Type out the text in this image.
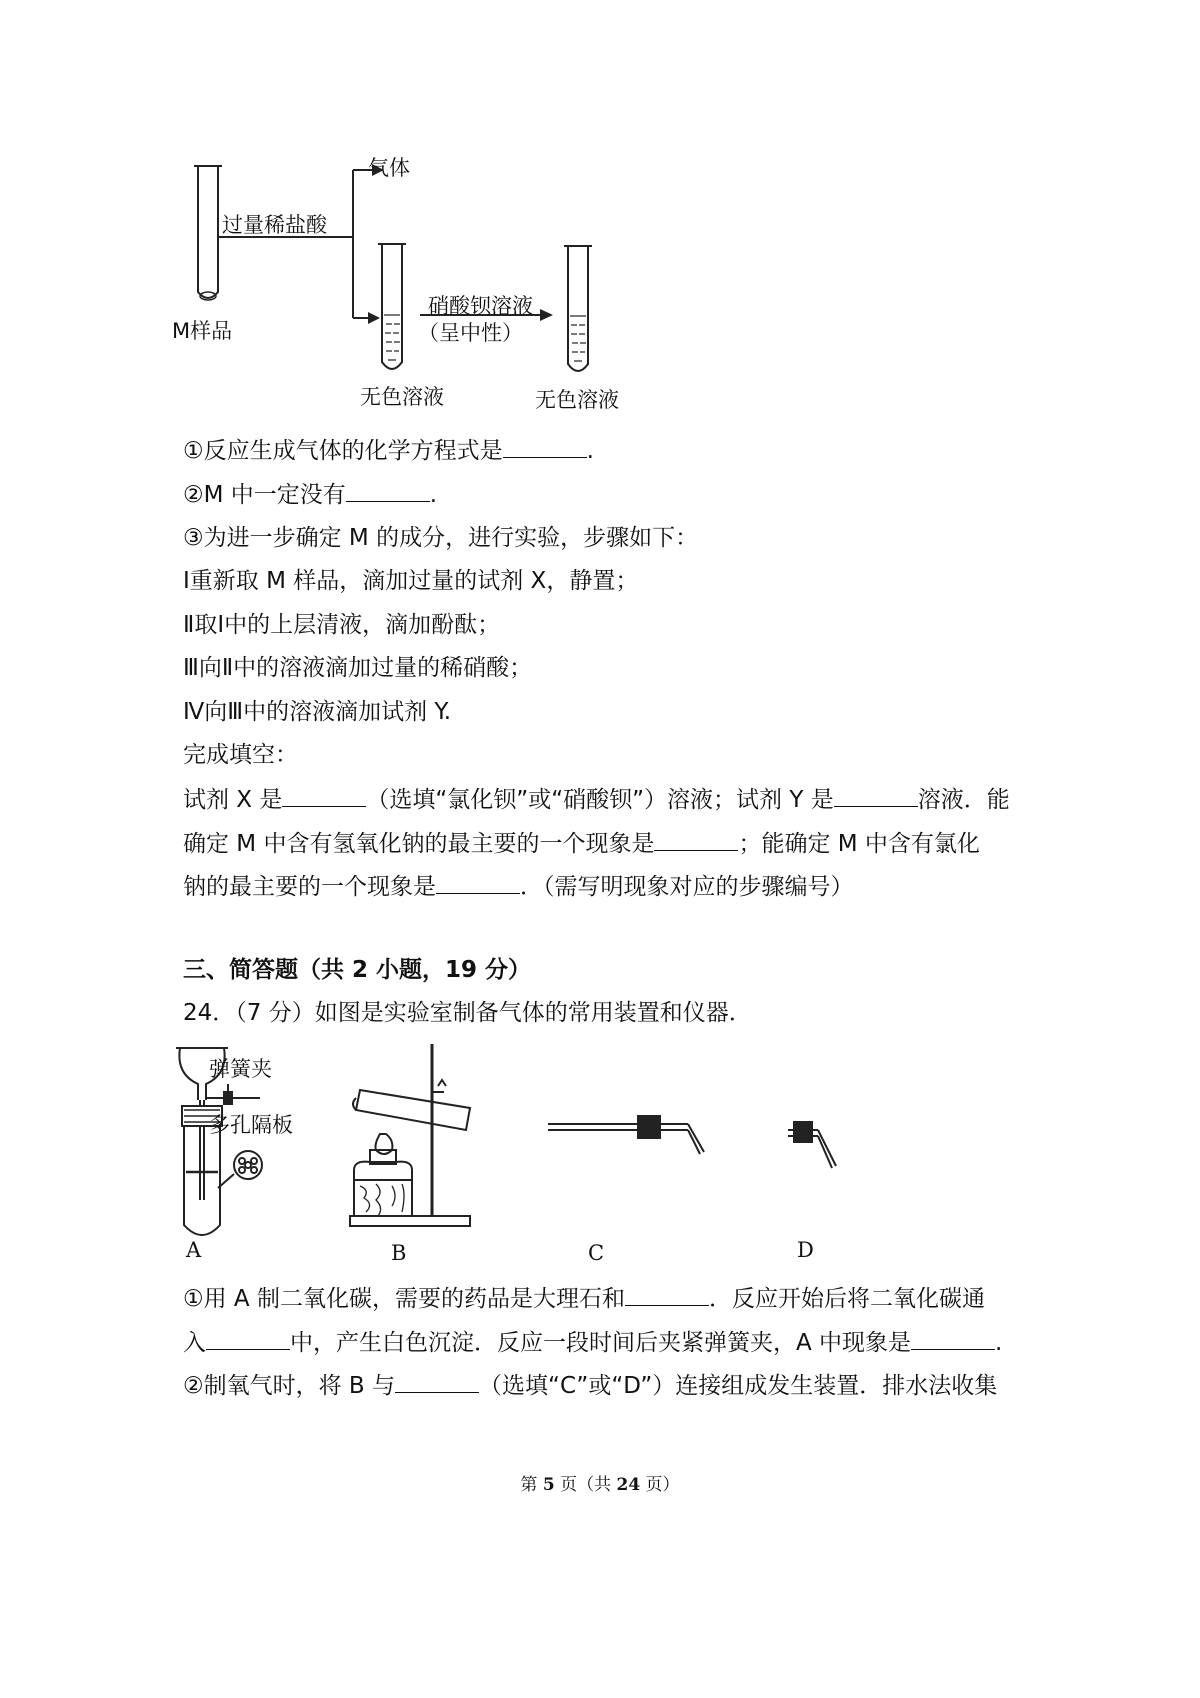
气体
过量稀盐酸
M样品
硝酸钡溶液
（呈中性）
无色溶液	无色溶液
①反应生成气体的化学方程式是	.
②M 中一定没有	.
③为进一步确定 M 的成分，进行实验，步骤如下：
Ⅰ重新取 M 样品，滴加过量的试剂 X，静置；
Ⅱ取Ⅰ中的上层清液，滴加酚酞；
Ⅲ向Ⅱ中的溶液滴加过量的稀硝酸；
Ⅳ向Ⅲ中的溶液滴加试剂 Y.
完成填空：
试剂 X 是	（选填“氯化钡”或“硝酸钡”）溶液；试剂 Y 是	溶液．能
确定 M 中含有氢氧化钠的最主要的一个现象是	；能确定 M 中含有氯化
钠的最主要的一个现象是	．（需写明现象对应的步骤编号）
三、简答题（共 2 小题，19 分）
24．（7 分）如图是实验室制备气体的常用装置和仪器．
弹簧夹
多孔隔板
A	B	C	D
①用 A 制二氧化碳，需要的药品是大理石和	．反应开始后将二氧化碳通
入	中，产生白色沉淀．反应一段时间后夹紧弹簧夹，A 中现象是	.
②制氧气时，将 B 与	（选填“C”或“D”）连接组成发生装置．排水法收集
第 5 页（共 24 页）
